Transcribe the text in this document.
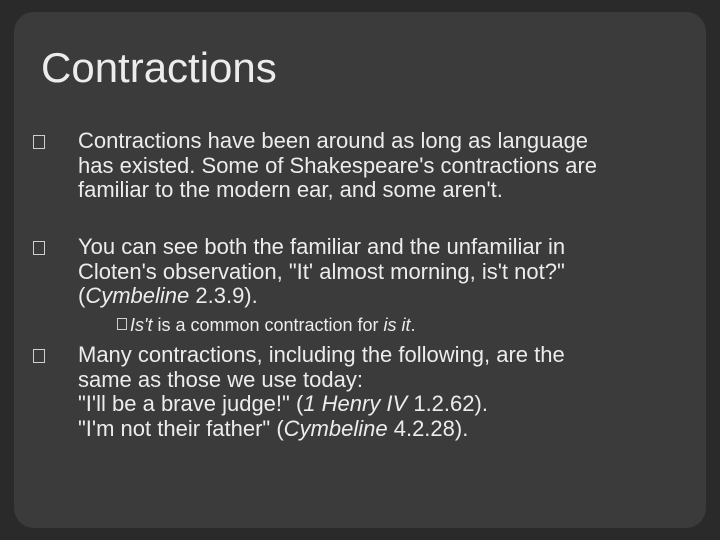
Contractions
Contractions have been around as long as language has existed. Some of Shakespeare's contractions are familiar to the modern ear, and some aren't.
You can see both the familiar and the unfamiliar in Cloten's observation, "It' almost morning, is't not?" (Cymbeline 2.3.9).
Is't is a common contraction for is it.
Many contractions, including the following, are the same as those we use today:
"I'll be a brave judge!" (1 Henry IV 1.2.62).
"I'm not their father" (Cymbeline 4.2.28).
